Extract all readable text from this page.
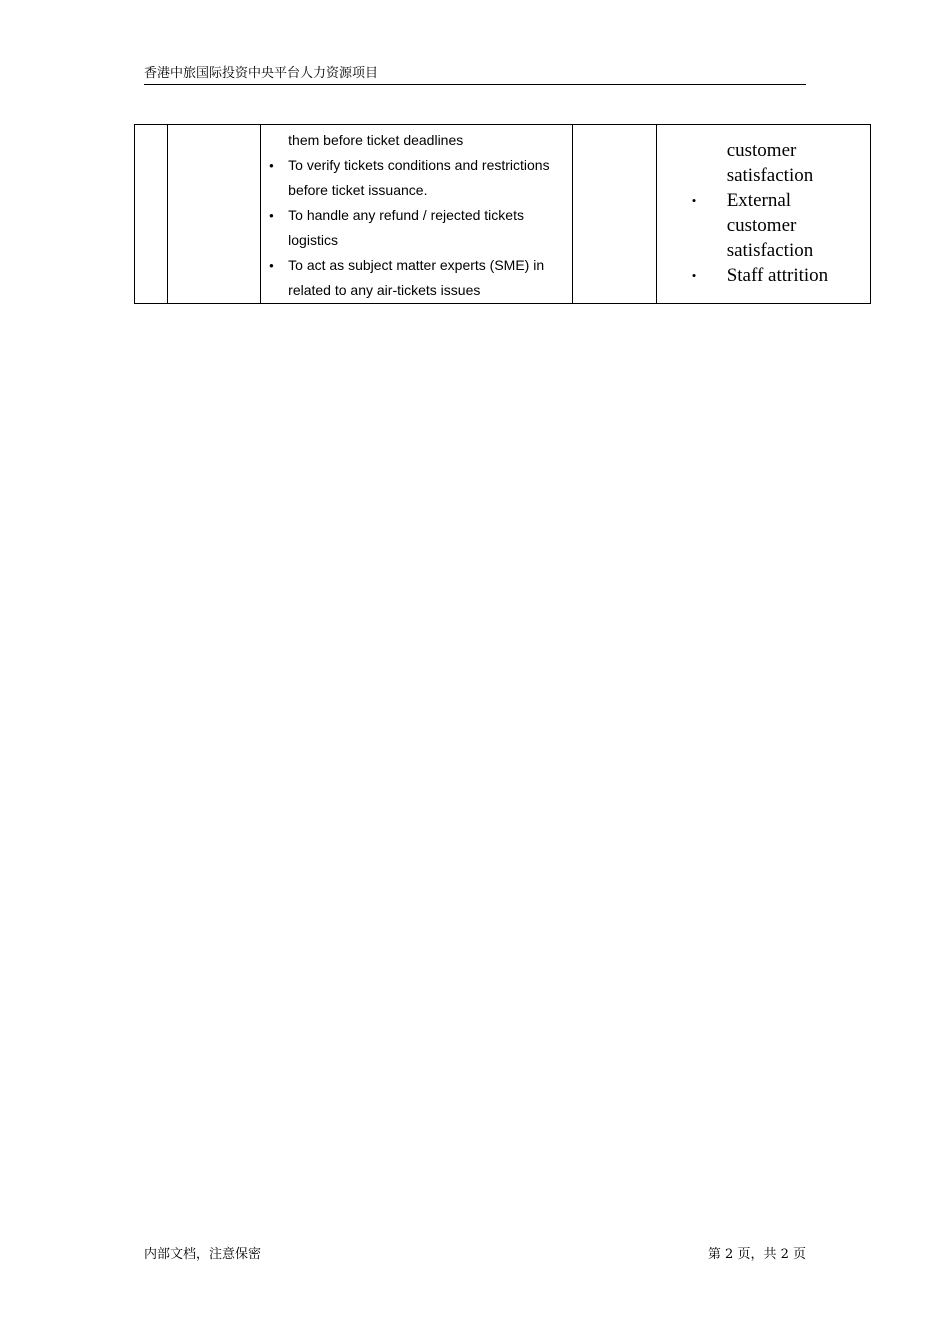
香港中旅国际投资中央平台人力资源项目

them before ticket deadlines
• To verify tickets conditions and restrictions before ticket issuance.
• To handle any refund / rejected tickets logistics
• To act as subject matter experts (SME) in related to any air-tickets issues

customer satisfaction
• External customer satisfaction
• Staff attrition
内部文档，注意保密	第 2 页，共 2 页
